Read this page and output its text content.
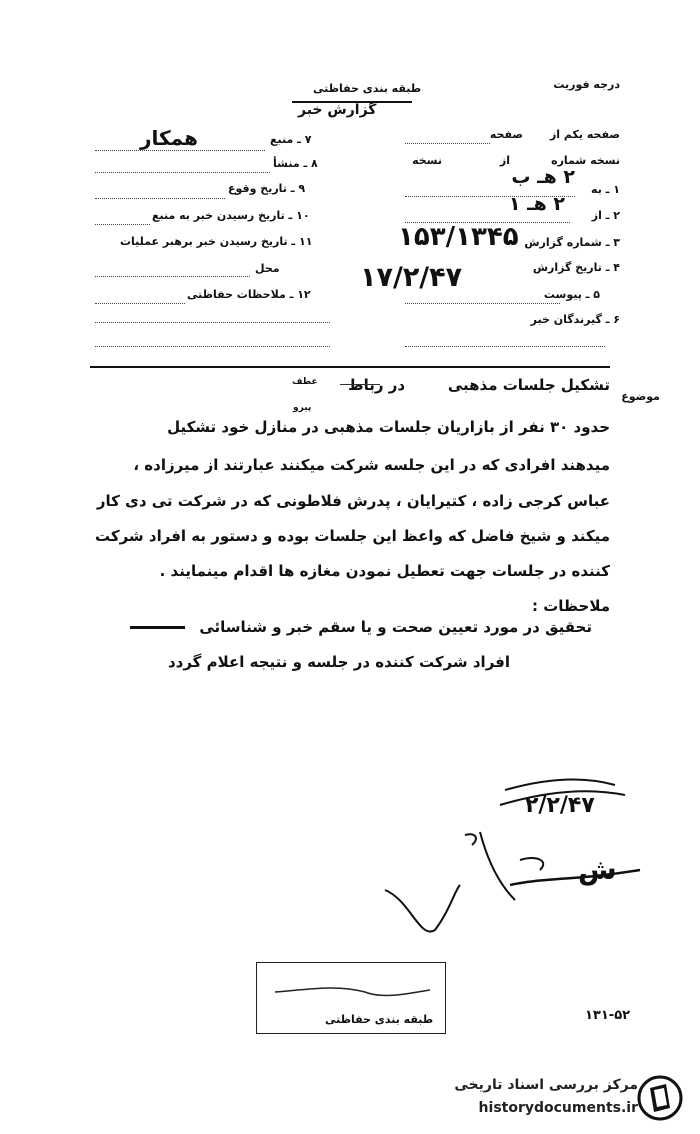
درجه فوریت
طبقه بندی حفاظتی
گزارش خبر
۷ ـ منبع
همکار
۸ ـ منشأ
۹ ـ تاریخ وقوع
۱۰ ـ تاریخ رسیدن خبر به منبع
۱۱ ـ تاریخ رسیدن خبر برهبر عملیات
محل
۱۲ ـ ملاحظات حفاظتی
صفحه یکم از
صفحه
نسخه شماره
از
نسخه
۱ ـ به
۲ هـ ب
۲ ـ از
۲ هـ ۱
۳ ـ شماره گزارش
۱۵۳/۱۳۴۵
۴ ـ تاریخ گزارش
۱۷/۲/۴۷
۵ ـ پیوست
۶ ـ گیرندگان خبر
موضوع
تشکیل جلسات مذهبی
در رباط
عطف
پیرو
حدود ۳۰ نفر از بازاریان جلسات مذهبی در منازل خود تشکیل
میدهند افرادی که در این جلسه شرکت میکنند عبارتند از میرزاده ،
عباس کرجی زاده ، کتیرایان ، پدرش فلاطونی که در شرکت تی دی کار
میکند و شیخ فاضل که واعظ این جلسات بوده و دستور به افراد شرکت
کننده در جلسات جهت تعطیل نمودن مغازه ها اقدام مینمایند .
ملاحظات :
تحقیق در مورد تعیین صحت و یا سقم خبر و شناسائی
افراد شرکت کننده در جلسه و نتیجه اعلام گردد
۲/۲/۴۷
ش
طبقه بندی حفاظتی	۱۳۱-۵۲
مرکز بررسی اسناد تاریخی
historydocuments.ir
